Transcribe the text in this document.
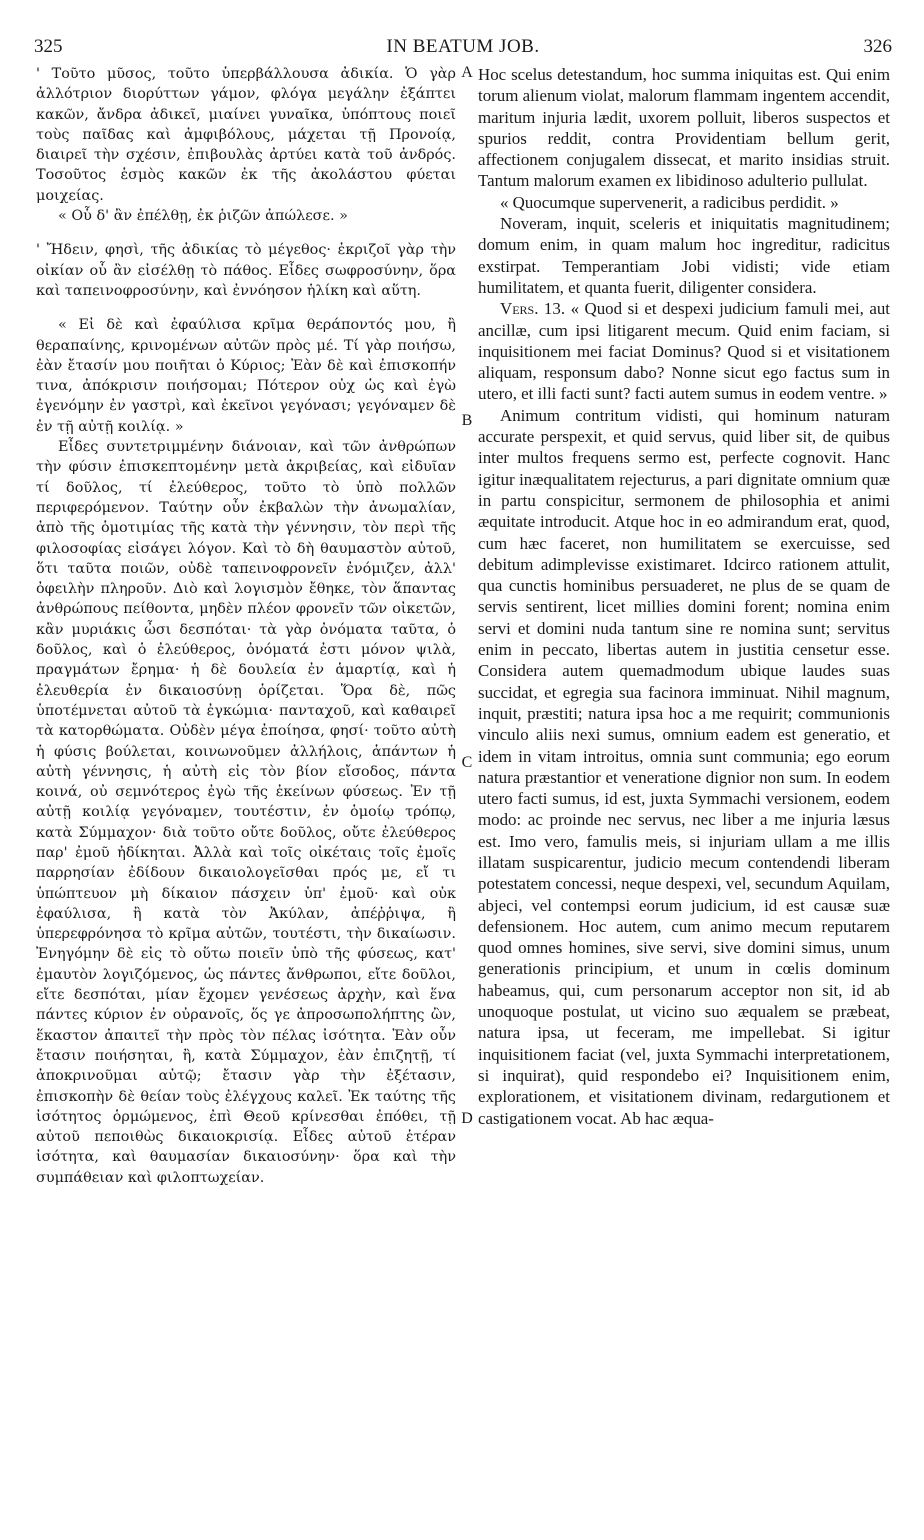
325	IN BEATUM JOB.	326

' Τοῦτο μῦσος, τοῦτο ὑπερβάλλουσα ἀδικία. Ὁ γὰρ ἀλλότριον διορύττων γάμον, φλόγα μεγάλην ἐξάπτει κακῶν, ἄνδρα ἀδικεῖ, μιαίνει γυναῖκα, ὑπόπτους ποιεῖ τοὺς παῖδας καὶ ἀμφιβόλους, μάχεται τῇ Προνοίᾳ, διαιρεῖ τὴν σχέσιν, ἐπιβουλὰς ἀρτύει κατὰ τοῦ ἀνδρός. Τοσοῦτος ἑσμὸς κακῶν ἐκ τῆς ἀκολάστου φύεται μοιχείας.

« Οὗ δ' ἂν ἐπέλθῃ, ἐκ ῥιζῶν ἀπώλεσε. »

' Ἤδειν, φησὶ, τῆς ἀδικίας τὸ μέγεθος· ἐκριζοῖ γὰρ τὴν οἰκίαν οὗ ἂν εἰσέλθῃ τὸ πάθος. Εἶδες σωφροσύνην, ὅρα καὶ ταπεινοφροσύνην, καὶ ἐννόησον ἡλίκη καὶ αὕτη.

« Εἰ δὲ καὶ ἐφαύλισα κρῖμα θεράποντός μου, ἢ θεραπαίνης, κρινομένων αὐτῶν πρὸς μέ. Τί γὰρ ποιήσω, ἐὰν ἔτασίν μου ποιῆται ὁ Κύριος; Ἐὰν δὲ καὶ ἐπισκοπήν τινα, ἀπόκρισιν ποιήσομαι; Πότερον οὐχ ὡς καὶ ἐγὼ ἐγενόμην ἐν γαστρὶ, καὶ ἐκεῖνοι γεγόνασι; γεγόναμεν δὲ ἐν τῇ αὐτῇ κοιλίᾳ. »

Εἶδες συντετριμμένην διάνοιαν, καὶ τῶν ἀνθρώπων τὴν φύσιν ἐπισκεπτομένην μετὰ ἀκριβείας, καὶ εἰδυῖαν τί δοῦλος, τί ἐλεύθερος, τοῦτο τὸ ὑπὸ πολλῶν περιφερόμενον. Ταύτην οὖν ἐκβαλὼν τὴν ἀνωμαλίαν, ἀπὸ τῆς ὁμοτιμίας τῆς κατὰ τὴν γέννησιν, τὸν περὶ τῆς φιλοσοφίας εἰσάγει λόγον. Καὶ τὸ δὴ θαυμαστὸν αὐτοῦ, ὅτι ταῦτα ποιῶν, οὐδὲ ταπεινοφρονεῖν ἐνόμιζεν, ἀλλ' ὀφειλὴν πληροῦν. Διὸ καὶ λογισμὸν ἔθηκε, τὸν ἅπαντας ἀνθρώπους πείθοντα, μηδὲν πλέον φρονεῖν τῶν οἰκετῶν, κἂν μυριάκις ὦσι δεσπόται· τὰ γὰρ ὀνόματα ταῦτα, ὁ δοῦλος, καὶ ὁ ἐλεύθερος, ὀνόματά ἐστι μόνον ψιλὰ, πραγμάτων ἔρημα· ἡ δὲ δουλεία ἐν ἁμαρτίᾳ, καὶ ἡ ἐλευθερία ἐν δικαιοσύνῃ ὁρίζεται. Ὅρα δὲ, πῶς ὑποτέμνεται αὐτοῦ τὰ ἐγκώμια· πανταχοῦ, καὶ καθαιρεῖ τὰ κατορθώματα. Οὐδὲν μέγα ἐποίησα, φησί· τοῦτο αὐτὴ ἡ φύσις βούλεται, κοινωνοῦμεν ἀλλήλοις, ἁπάντων ἡ αὐτὴ γέννησις, ἡ αὐτὴ εἰς τὸν βίον εἴσοδος, πάντα κοινά, οὐ σεμνότερος ἐγὼ τῆς ἐκείνων φύσεως. Ἐν τῇ αὐτῇ κοιλίᾳ γεγόναμεν, τουτέστιν, ἐν ὁμοίῳ τρόπῳ, κατὰ Σύμμαχον· διὰ τοῦτο οὔτε δοῦλος, οὔτε ἐλεύθερος παρ' ἐμοῦ ἠδίκηται. Ἀλλὰ καὶ τοῖς οἰκέταις τοῖς ἐμοῖς παρρησίαν ἐδίδουν δικαιολογεῖσθαι πρός με, εἴ τι ὑπώπτευον μὴ δίκαιον πάσχειν ὑπ' ἐμοῦ· καὶ οὐκ ἐφαύλισα, ἢ κατὰ τὸν Ἀκύλαν, ἀπέῤῥιψα, ἢ ὑπερεφρόνησα τὸ κρῖμα αὐτῶν, τουτέστι, τὴν δικαίωσιν. Ἐνηγόμην δὲ εἰς τὸ οὕτω ποιεῖν ὑπὸ τῆς φύσεως, κατ' ἐμαυτὸν λογιζόμενος, ὡς πάντες ἄνθρωποι, εἴτε δοῦλοι, εἴτε δεσπόται, μίαν ἔχομεν γενέσεως ἀρχὴν, καὶ ἕνα πάντες κύριον ἐν οὐρανοῖς, ὅς γε ἀπροσωπολήπτης ὢν, ἕκαστον ἀπαιτεῖ τὴν πρὸς τὸν πέλας ἰσότητα. Ἐὰν οὖν ἔτασιν ποιήσηται, ἢ, κατὰ Σύμμαχον, ἐὰν ἐπιζητῇ, τί ἀποκρινοῦμαι αὐτῷ; ἔτασιν γὰρ τὴν ἐξέτασιν, ἐπισκοπὴν δὲ θείαν τοὺς ἐλέγχους καλεῖ. Ἐκ ταύτης τῆς ἰσότητος ὁρμώμενος, ἐπὶ Θεοῦ κρίνεσθαι ἐπόθει, τῇ αὐτοῦ πεποιθὼς δικαιοκρισίᾳ. Εἶδες αὐτοῦ ἑτέραν ἰσότητα, καὶ θαυμασίαν δικαιοσύνην· ὅρα καὶ τὴν συμπάθειαν καὶ φιλοπτωχείαν.

A
B
C
D

Hoc scelus detestandum, hoc summa iniquitas est. Qui enim torum alienum violat, malorum flammam ingentem accendit, maritum injuria lædit, uxorem polluit, liberos suspectos et spurios reddit, contra Providentiam bellum gerit, affectionem conjugalem dissecat, et marito insidias struit. Tantum malorum examen ex libidinoso adulterio pullulat.

« Quocumque supervenerit, a radicibus perdidit. »

Noveram, inquit, sceleris et iniquitatis magnitudinem; domum enim, in quam malum hoc ingreditur, radicitus exstirpat. Temperantiam Jobi vidisti; vide etiam humilitatem, et quanta fuerit, diligenter considera.

Vers. 13. « Quod si et despexi judicium famuli mei, aut ancillæ, cum ipsi litigarent mecum. Quid enim faciam, si inquisitionem mei faciat Dominus? Quod si et visitationem aliquam, responsum dabo? Nonne sicut ego factus sum in utero, et illi facti sunt? facti autem sumus in eodem ventre. »

Animum contritum vidisti, qui hominum naturam accurate perspexit, et quid servus, quid liber sit, de quibus inter multos frequens sermo est, perfecte cognovit. Hanc igitur inæqualitatem rejecturus, a pari dignitate omnium quæ in partu conspicitur, sermonem de philosophia et animi æquitate introducit. Atque hoc in eo admirandum erat, quod, cum hæc faceret, non humilitatem se exercuisse, sed debitum adimplevisse existimaret. Idcirco rationem attulit, qua cunctis hominibus persuaderet, ne plus de se quam de servis sentirent, licet millies domini forent; nomina enim servi et domini nuda tantum sine re nomina sunt; servitus enim in peccato, libertas autem in justitia censetur esse. Considera autem quemadmodum ubique laudes suas succidat, et egregia sua facinora imminuat. Nihil magnum, inquit, præstiti; natura ipsa hoc a me requirit; communionis vinculo aliis nexi sumus, omnium eadem est generatio, et idem in vitam introitus, omnia sunt communia; ego eorum natura præstantior et veneratione dignior non sum. In eodem utero facti sumus, id est, juxta Symmachi versionem, eodem modo: ac proinde nec servus, nec liber a me injuria læsus est. Imo vero, famulis meis, si injuriam ullam a me illis illatam suspicarentur, judicio mecum contendendi liberam potestatem concessi, neque despexi, vel, secundum Aquilam, abjeci, vel contempsi eorum judicium, id est causæ suæ defensionem. Hoc autem, cum animo mecum reputarem quod omnes homines, sive servi, sive domini simus, unum generationis principium, et unum in cœlis dominum habeamus, qui, cum personarum acceptor non sit, id ab unoquoque postulat, ut vicino suo æqualem se præbeat, natura ipsa, ut feceram, me impellebat. Si igitur inquisitionem faciat (vel, juxta Symmachi interpretationem, si inquirat), quid respondebo ei? Inquisitionem enim, explorationem, et visitationem divinam, redargutionem et castigationem vocat. Ab hac æqua-
